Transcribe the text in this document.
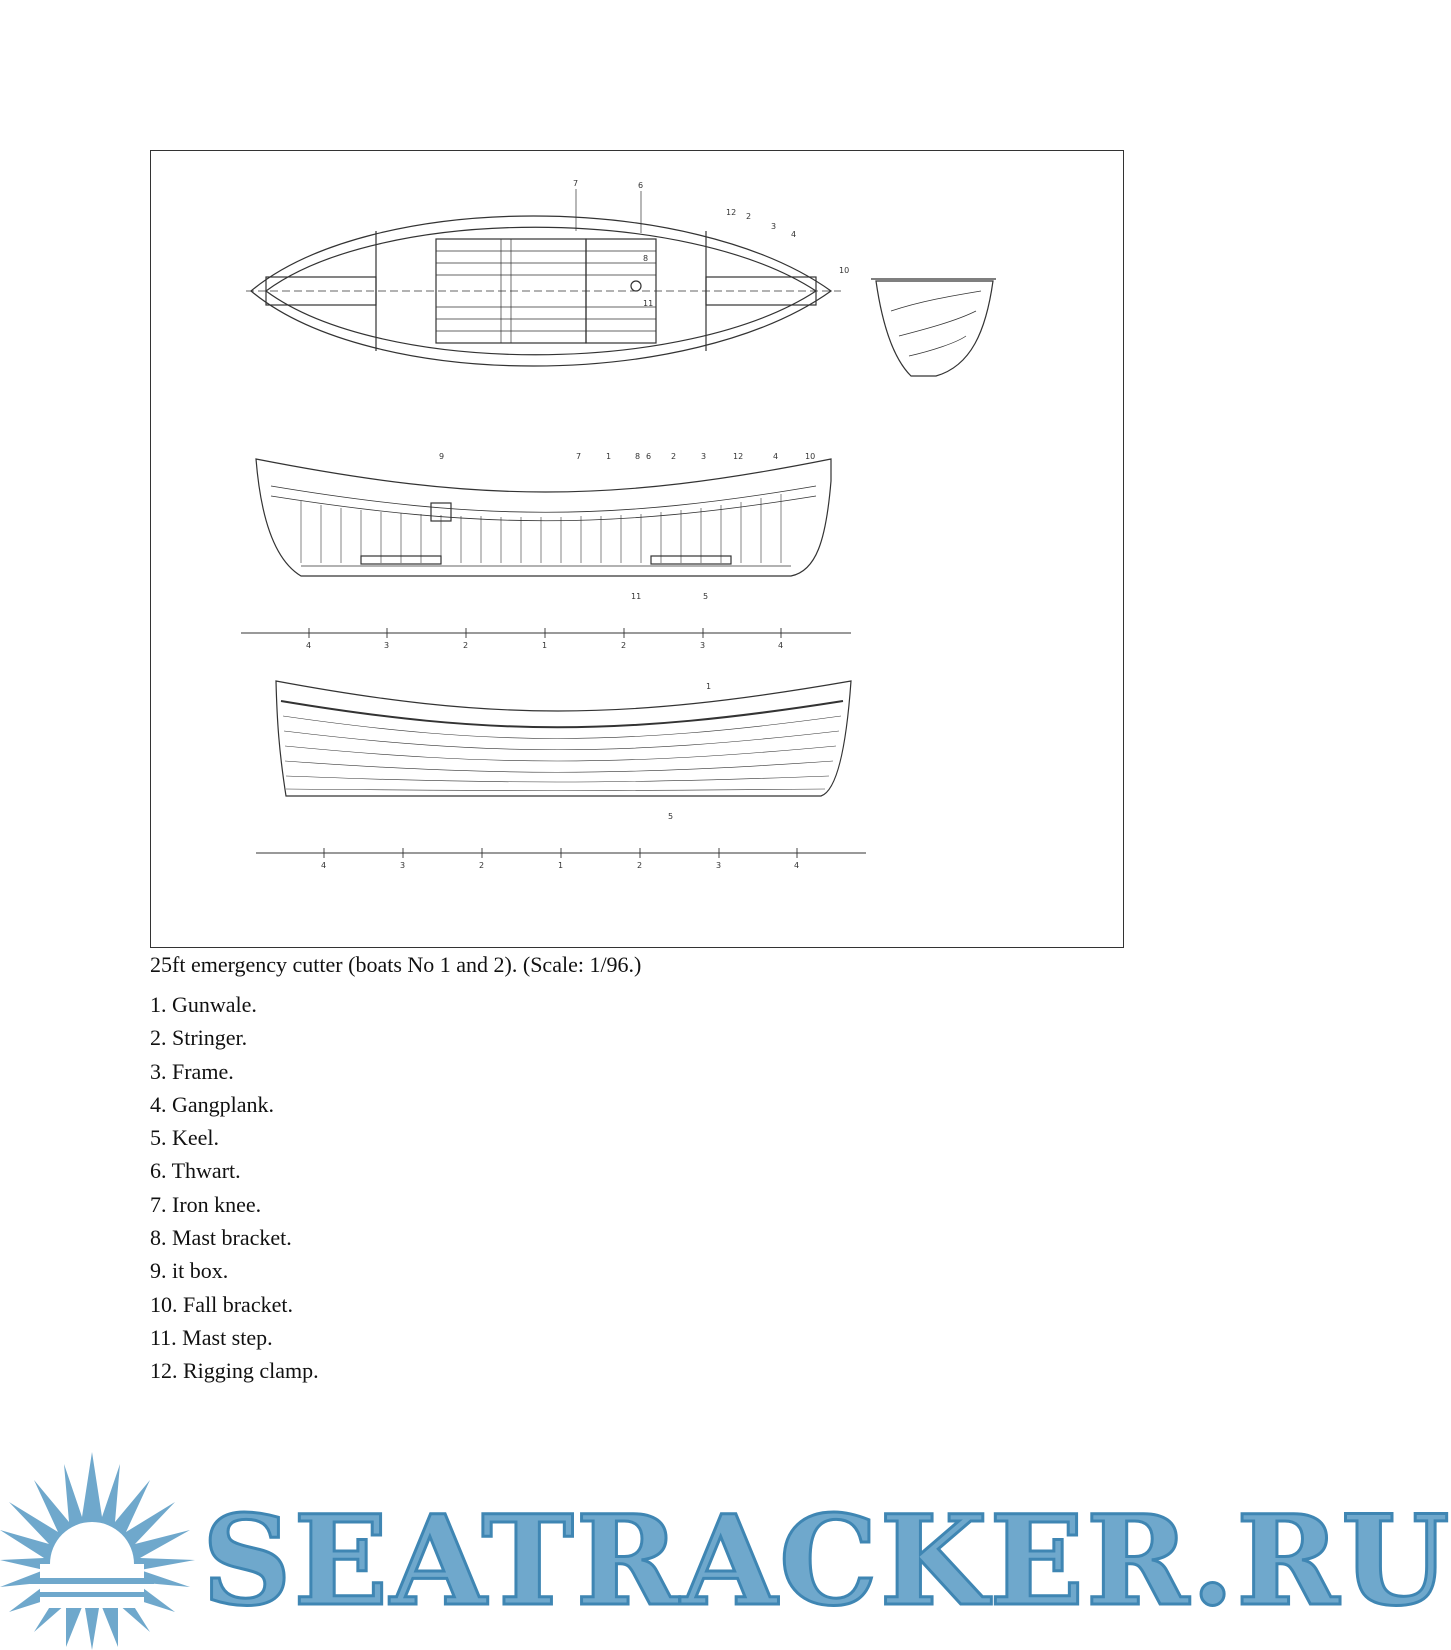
7	6
12 2
3
4
10
8
11
9	7	1	8 6 2	3	12	4	10
11	5
4	3	2	1	2	3	4
1
5
4	3	2	1	2	3	4

25ft emergency cutter (boats No 1 and 2). (Scale: 1/96.)

1. Gunwale.
2. Stringer.
3. Frame.
4. Gangplank.
5. Keel.
6. Thwart.
7. Iron knee.
8. Mast bracket.
9. it box.
10. Fall bracket.
11. Mast step.
12. Rigging clamp.
SEATRACKER.RU
